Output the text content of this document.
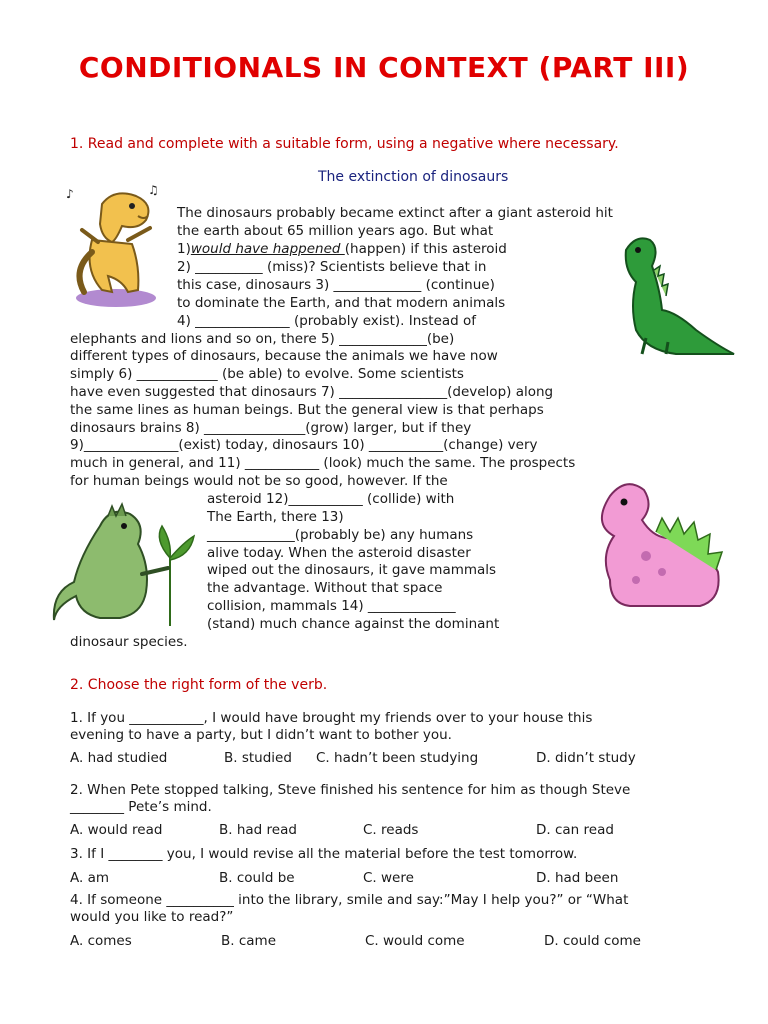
CONDITIONALS IN CONTEXT (PART III)
1. Read and complete with a suitable form, using a negative where necessary.
The extinction of dinosaurs
♪	♫
The dinosaurs probably became extinct after a giant asteroid hit
the earth about 65 million years ago. But what
1)would have happened (happen) if this asteroid
2) __________ (miss)? Scientists believe that in
this case, dinosaurs 3) _____________ (continue)
to dominate the Earth, and that modern animals
4) ______________ (probably exist). Instead of
elephants and lions and so on, there 5) _____________(be)
different types of dinosaurs, because the animals we have now
simply 6) ____________ (be able) to evolve. Some scientists
have even suggested that dinosaurs 7) ________________(develop) along
the same lines as human beings. But the general view is that perhaps
dinosaurs brains 8) _______________(grow) larger, but if they
9)______________(exist) today, dinosaurs 10) ___________(change) very
much in general, and 11) ___________ (look) much the same. The prospects
for human beings would not be so good, however. If the
asteroid 12)___________ (collide) with
The Earth, there 13)
_____________(probably be) any humans
alive today. When the asteroid disaster
wiped out the dinosaurs, it gave mammals
the advantage. Without that space
collision, mammals 14) _____________
(stand) much chance against the dominant
dinosaur species.
2. Choose the right form of the verb.
1. If you ___________, I would have brought my friends over to your house this
evening to have a party, but I didn’t want to bother you.
A. had studied	B. studied C. hadn’t been studying	D. didn’t study
2. When Pete stopped talking, Steve finished his sentence for him as though Steve
________ Pete’s mind.
A. would read	B. had read	C. reads	D. can read
3. If I ________ you, I would revise all the material before the test tomorrow.
A. am	B. could be	C. were	D. had been
4. If someone __________ into the library, smile and say:”May I help you?” or “What
would you like to read?”
A. comes	B. came	C. would come	D. could come
